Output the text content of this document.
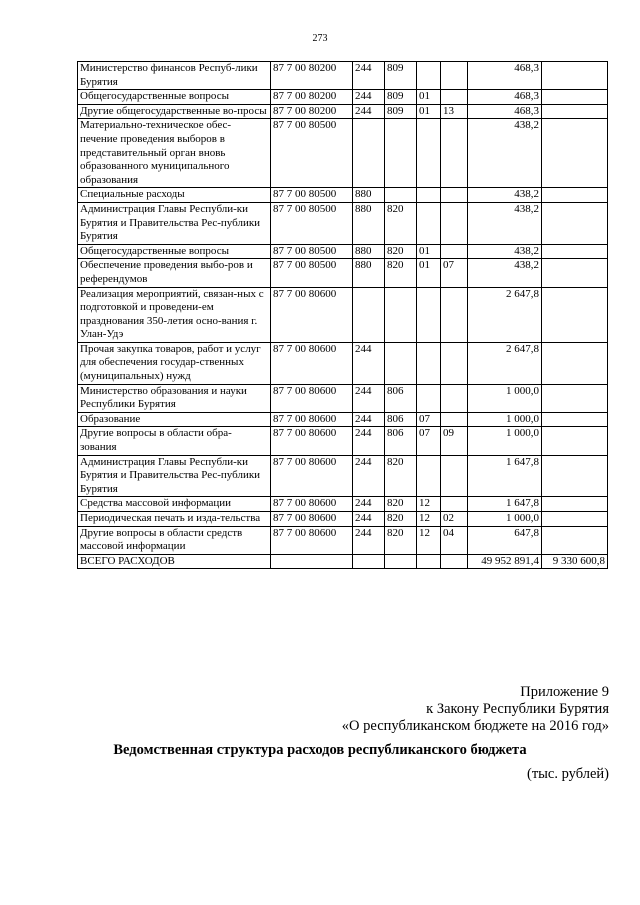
273
Министерство финансов Респуб-лики Бурятия	87 7 00 80200	244	809			468,3	
Общегосударственные вопросы	87 7 00 80200	244	809	01		468,3	
Другие общегосударственные во-просы	87 7 00 80200	244	809	01	13	468,3	
Материально-техническое обес-печение проведения выборов в представительный орган вновь образованного муниципального образования	87 7 00 80500					438,2	
Специальные расходы	87 7 00 80500	880				438,2	
Администрация Главы Республи-ки Бурятия и Правительства Рес-публики Бурятия	87 7 00 80500	880	820			438,2	
Общегосударственные вопросы	87 7 00 80500	880	820	01		438,2	
Обеспечение проведения выбо-ров и референдумов	87 7 00 80500	880	820	01	07	438,2	
Реализация мероприятий, связан-ных с подготовкой и проведени-ем празднования 350-летия осно-вания г. Улан-Удэ	87 7 00 80600					2 647,8	
Прочая закупка товаров, работ и услуг для обеспечения государ-ственных (муниципальных) нужд	87 7 00 80600	244				2 647,8	
Министерство образования и науки Республики Бурятия	87 7 00 80600	244	806			1 000,0	
Образование	87 7 00 80600	244	806	07		1 000,0	
Другие вопросы в области обра-зования	87 7 00 80600	244	806	07	09	1 000,0	
Администрация Главы Республи-ки Бурятия и Правительства Рес-публики Бурятия	87 7 00 80600	244	820			1 647,8	
Средства массовой информации	87 7 00 80600	244	820	12		1 647,8	
Периодическая печать и изда-тельства	87 7 00 80600	244	820	12	02	1 000,0	
Другие вопросы в области средств массовой информации	87 7 00 80600	244	820	12	04	647,8	
ВСЕГО РАСХОДОВ						49 952 891,4	9 330 600,8
Приложение 9
к Закону Республики Бурятия
«О республиканском бюджете на 2016 год»
Ведомственная структура расходов республиканского бюджета
(тыс. рублей)
